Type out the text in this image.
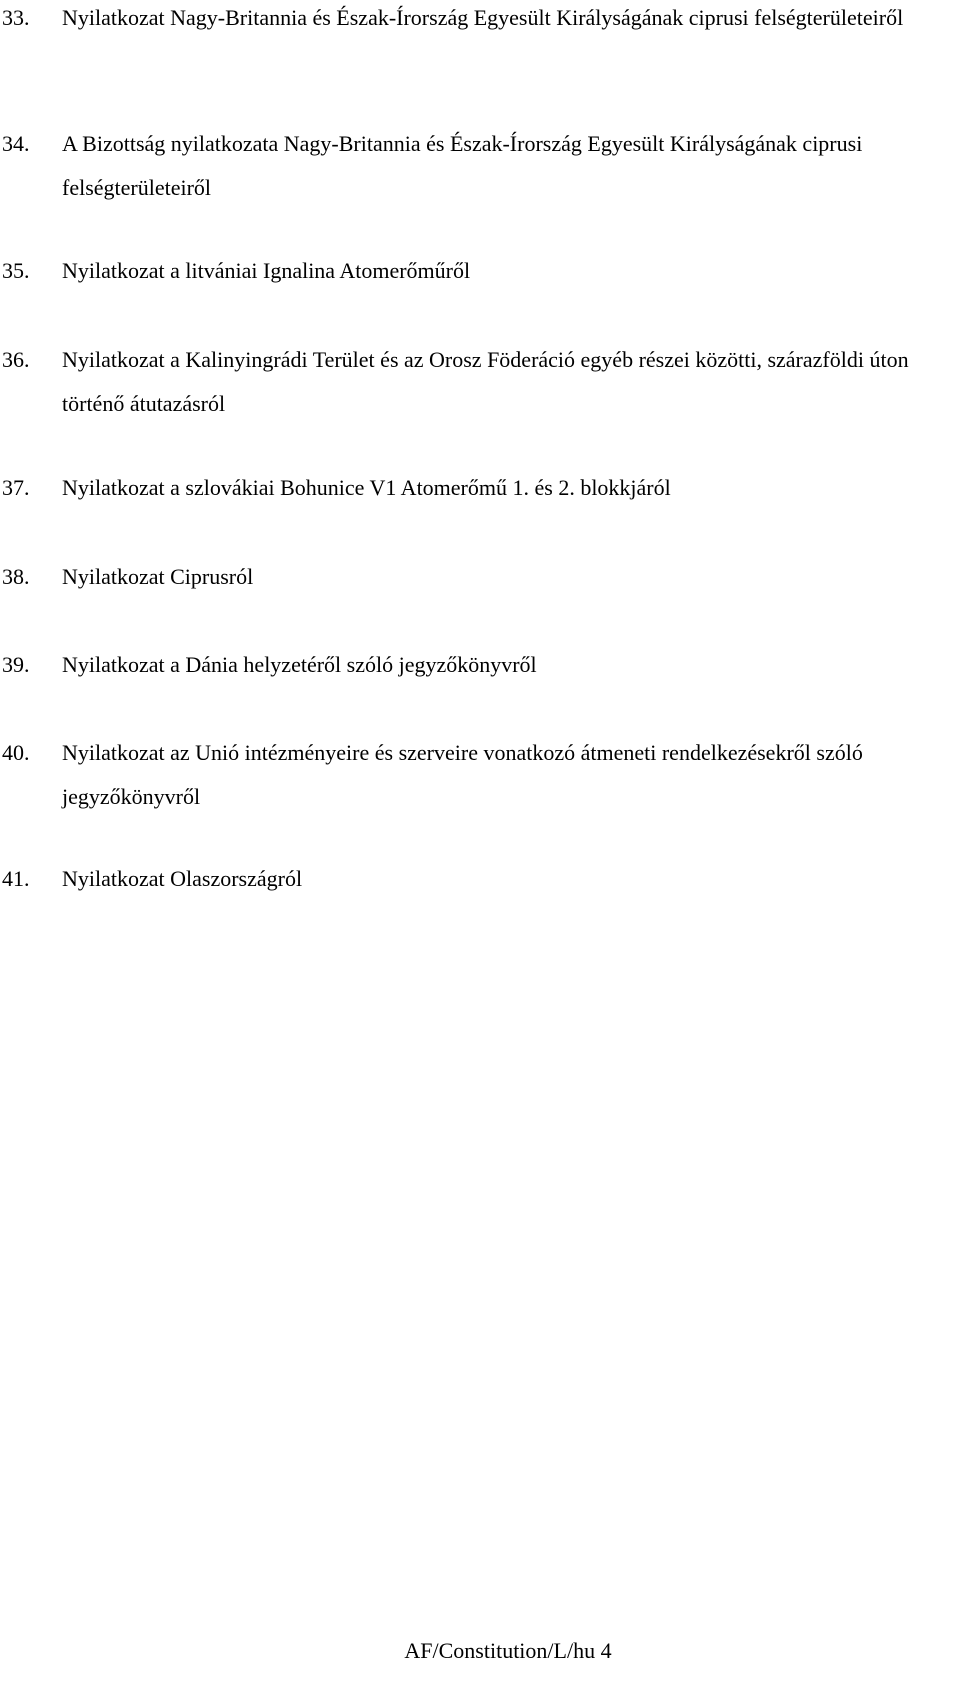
33. Nyilatkozat Nagy-Britannia és Észak-Írország Egyesült Királyságának ciprusi felségterületeiről
34. A Bizottság nyilatkozata Nagy-Britannia és Észak-Írország Egyesült Királyságának ciprusi felségterületeiről
35. Nyilatkozat a litvániai Ignalina Atomerőműről
36. Nyilatkozat a Kalinyingrádi Terület és az Orosz Föderáció egyéb részei közötti, szárazföldi úton történő átutazásról
37. Nyilatkozat a szlovákiai Bohunice V1 Atomerőmű 1. és 2. blokkjáról
38. Nyilatkozat Ciprusról
39. Nyilatkozat a Dánia helyzetéről szóló jegyzőkönyvről
40. Nyilatkozat az Unió intézményeire és szerveire vonatkozó átmeneti rendelkezésekről szóló jegyzőkönyvről
41. Nyilatkozat Olaszországról
AF/Constitution/L/hu 4
